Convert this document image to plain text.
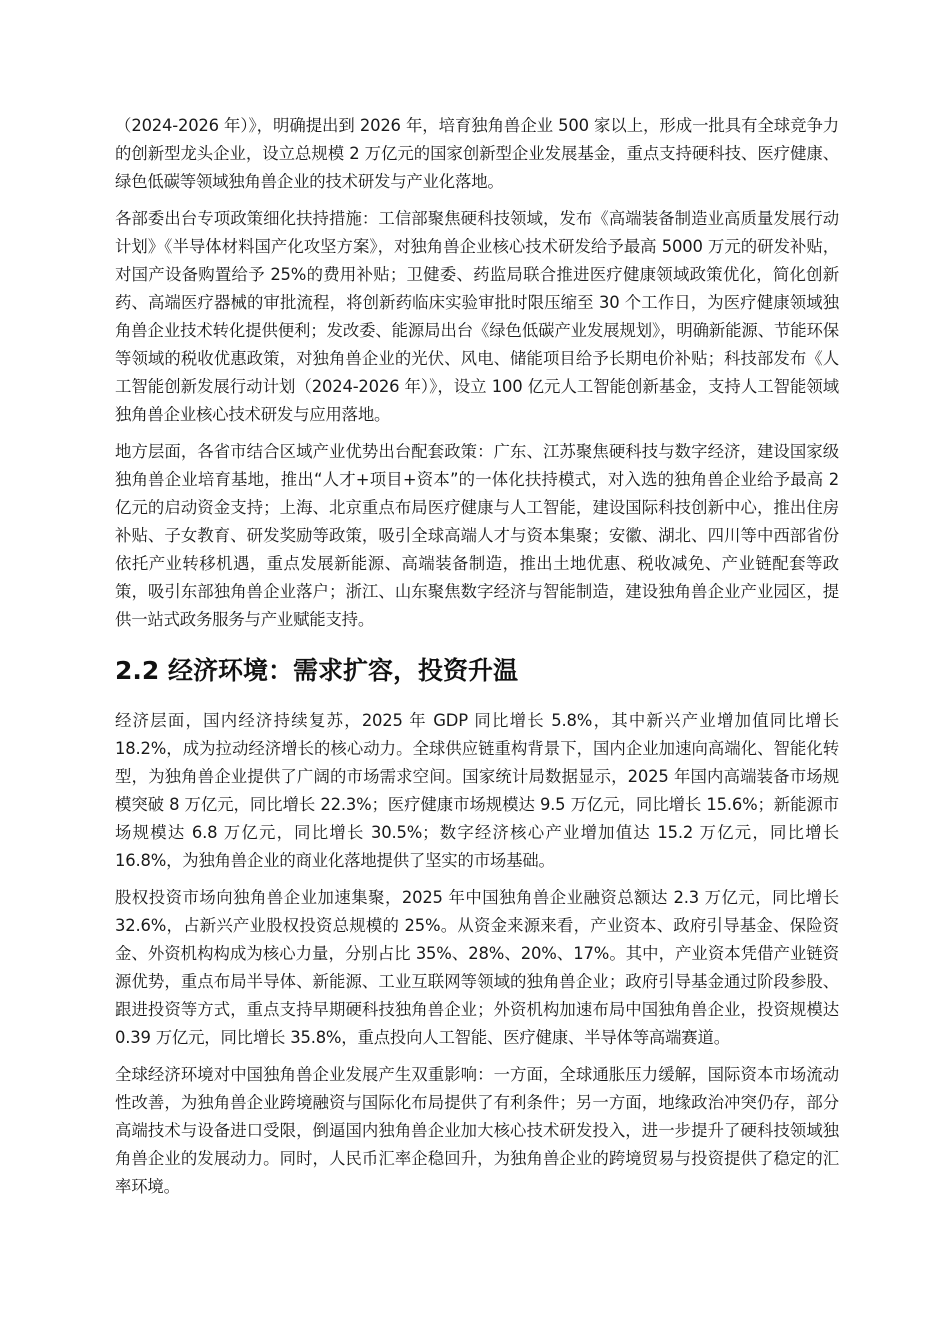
（2024-2026 年）》，明确提出到 2026 年，培育独角兽企业 500 家以上，形成一批具有全球竞争力的创新型龙头企业，设立总规模 2 万亿元的国家创新型企业发展基金，重点支持硬科技、医疗健康、绿色低碳等领域独角兽企业的技术研发与产业化落地。

各部委出台专项政策细化扶持措施：工信部聚焦硬科技领域，发布《高端装备制造业高质量发展行动计划》《半导体材料国产化攻坚方案》，对独角兽企业核心技术研发给予最高 5000 万元的研发补贴，对国产设备购置给予 25%的费用补贴；卫健委、药监局联合推进医疗健康领域政策优化，简化创新药、高端医疗器械的审批流程，将创新药临床实验审批时限压缩至 30 个工作日，为医疗健康领域独角兽企业技术转化提供便利；发改委、能源局出台《绿色低碳产业发展规划》，明确新能源、节能环保等领域的税收优惠政策，对独角兽企业的光伏、风电、储能项目给予长期电价补贴；科技部发布《人工智能创新发展行动计划（2024-2026 年）》，设立 100 亿元人工智能创新基金，支持人工智能领域独角兽企业核心技术研发与应用落地。

地方层面，各省市结合区域产业优势出台配套政策：广东、江苏聚焦硬科技与数字经济，建设国家级独角兽企业培育基地，推出“人才+项目+资本”的一体化扶持模式，对入选的独角兽企业给予最高 2 亿元的启动资金支持；上海、北京重点布局医疗健康与人工智能，建设国际科技创新中心，推出住房补贴、子女教育、研发奖励等政策，吸引全球高端人才与资本集聚；安徽、湖北、四川等中西部省份依托产业转移机遇，重点发展新能源、高端装备制造，推出土地优惠、税收减免、产业链配套等政策，吸引东部独角兽企业落户；浙江、山东聚焦数字经济与智能制造，建设独角兽企业产业园区，提供一站式政务服务与产业赋能支持。

2.2 经济环境：需求扩容，投资升温

经济层面，国内经济持续复苏，2025 年 GDP 同比增长 5.8%，其中新兴产业增加值同比增长 18.2%，成为拉动经济增长的核心动力。全球供应链重构背景下，国内企业加速向高端化、智能化转型，为独角兽企业提供了广阔的市场需求空间。国家统计局数据显示，2025 年国内高端装备市场规模突破 8 万亿元，同比增长 22.3%；医疗健康市场规模达 9.5 万亿元，同比增长 15.6%；新能源市场规模达 6.8 万亿元，同比增长 30.5%；数字经济核心产业增加值达 15.2 万亿元，同比增长 16.8%，为独角兽企业的商业化落地提供了坚实的市场基础。

股权投资市场向独角兽企业加速集聚，2025 年中国独角兽企业融资总额达 2.3 万亿元，同比增长 32.6%，占新兴产业股权投资总规模的 25%。从资金来源来看，产业资本、政府引导基金、保险资金、外资机构构成为核心力量，分别占比 35%、28%、20%、17%。其中，产业资本凭借产业链资源优势，重点布局半导体、新能源、工业互联网等领域的独角兽企业；政府引导基金通过阶段参股、跟进投资等方式，重点支持早期硬科技独角兽企业；外资机构加速布局中国独角兽企业，投资规模达 0.39 万亿元，同比增长 35.8%，重点投向人工智能、医疗健康、半导体等高端赛道。

全球经济环境对中国独角兽企业发展产生双重影响：一方面，全球通胀压力缓解，国际资本市场流动性改善，为独角兽企业跨境融资与国际化布局提供了有利条件；另一方面，地缘政治冲突仍存，部分高端技术与设备进口受限，倒逼国内独角兽企业加大核心技术研发投入，进一步提升了硬科技领域独角兽企业的发展动力。同时，人民币汇率企稳回升，为独角兽企业的跨境贸易与投资提供了稳定的汇率环境。
